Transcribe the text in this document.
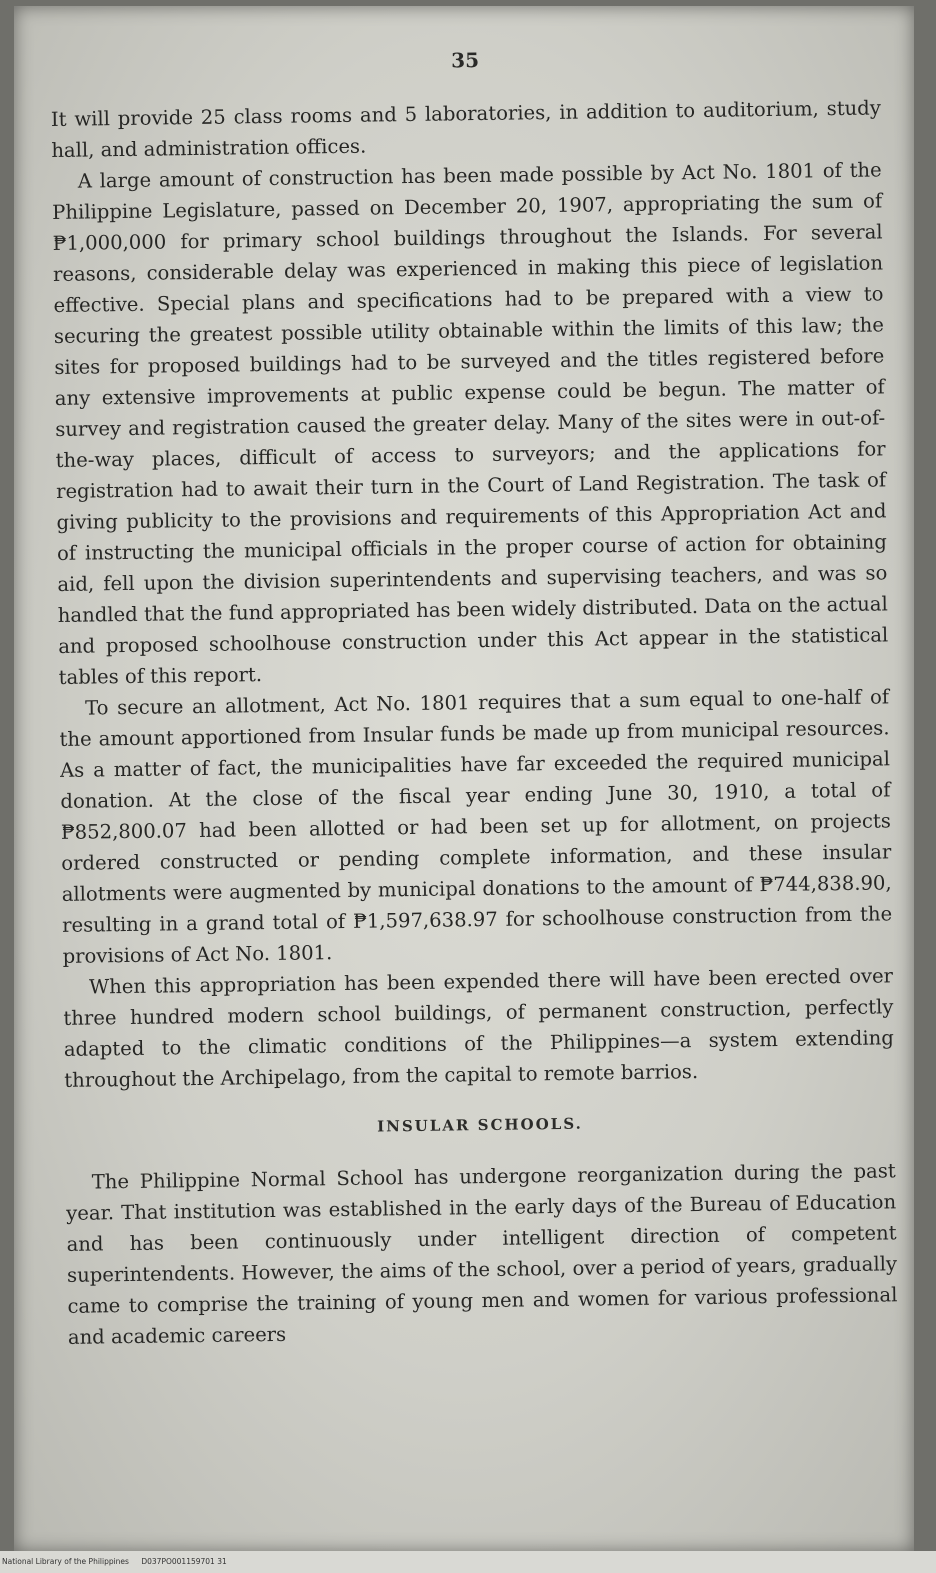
35

It will provide 25 class rooms and 5 laboratories, in addition to auditorium, study hall, and administration offices.

A large amount of construction has been made possible by Act No. 1801 of the Philippine Legislature, passed on December 20, 1907, appropriating the sum of ₱1,000,000 for primary school buildings throughout the Islands. For several reasons, considerable delay was experienced in making this piece of legislation effective. Special plans and specifications had to be prepared with a view to securing the greatest possible utility obtainable within the limits of this law; the sites for proposed buildings had to be surveyed and the titles registered before any extensive improvements at public expense could be begun. The matter of survey and registration caused the greater delay. Many of the sites were in out-of-the-way places, difficult of access to surveyors; and the applications for registration had to await their turn in the Court of Land Registration. The task of giving publicity to the provisions and requirements of this Appropriation Act and of instructing the municipal officials in the proper course of action for obtaining aid, fell upon the division superintendents and supervising teachers, and was so handled that the fund appropriated has been widely distributed. Data on the actual and proposed schoolhouse construction under this Act appear in the statistical tables of this report.

To secure an allotment, Act No. 1801 requires that a sum equal to one-half of the amount apportioned from Insular funds be made up from municipal resources. As a matter of fact, the municipalities have far exceeded the required municipal donation. At the close of the fiscal year ending June 30, 1910, a total of ₱852,800.07 had been allotted or had been set up for allotment, on projects ordered constructed or pending complete information, and these insular allotments were augmented by municipal donations to the amount of ₱744,838.90, resulting in a grand total of ₱1,597,638.97 for schoolhouse construction from the provisions of Act No. 1801.

When this appropriation has been expended there will have been erected over three hundred modern school buildings, of permanent construction, perfectly adapted to the climatic conditions of the Philippines—a system extending throughout the Archipelago, from the capital to remote barrios.

INSULAR SCHOOLS.

The Philippine Normal School has undergone reorganization during the past year. That institution was established in the early days of the Bureau of Education and has been continuously under intelligent direction of competent superintendents. However, the aims of the school, over a period of years, gradually came to comprise the training of young men and women for various professional and academic careers

National Library of the Philippines D037PO001159701 31
